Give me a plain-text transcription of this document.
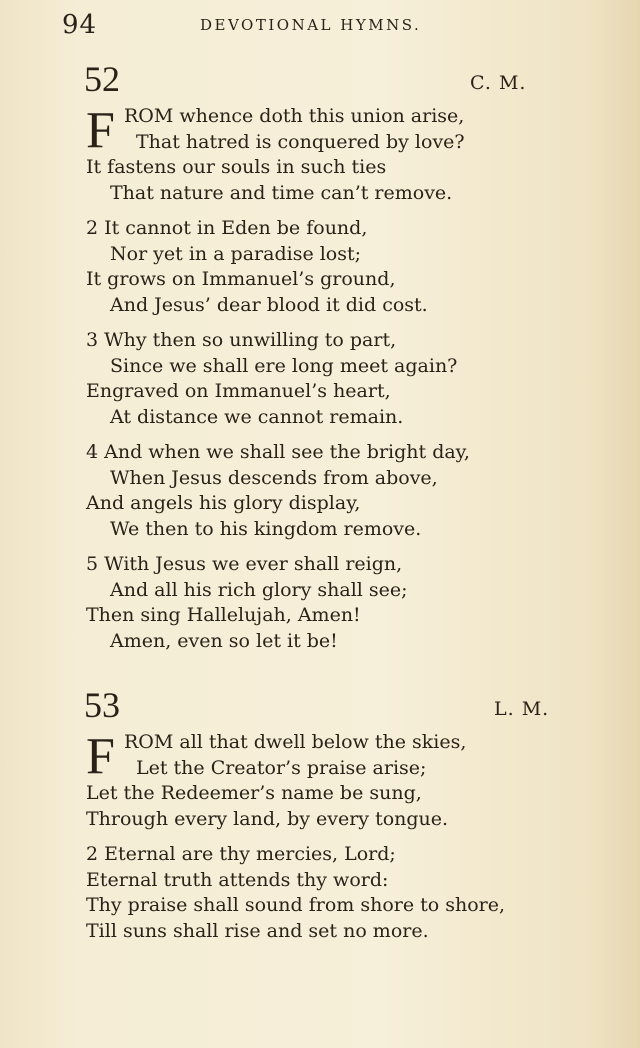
94	DEVOTIONAL HYMNS.
52	C. M.
F ROM whence doth this union arise,
That hatred is conquered by love?
It fastens our souls in such ties
That nature and time can’t remove.
2 It cannot in Eden be found,
Nor yet in a paradise lost;
It grows on Immanuel’s ground,
And Jesus’ dear blood it did cost.
3 Why then so unwilling to part,
Since we shall ere long meet again?
Engraved on Immanuel’s heart,
At distance we cannot remain.
4 And when we shall see the bright day,
When Jesus descends from above,
And angels his glory display,
We then to his kingdom remove.
5 With Jesus we ever shall reign,
And all his rich glory shall see;
Then sing Hallelujah, Amen!
Amen, even so let it be!
53	L. M.
F ROM all that dwell below the skies,
Let the Creator’s praise arise;
Let the Redeemer’s name be sung,
Through every land, by every tongue.
2 Eternal are thy mercies, Lord;
Eternal truth attends thy word:
Thy praise shall sound from shore to shore,
Till suns shall rise and set no more.
